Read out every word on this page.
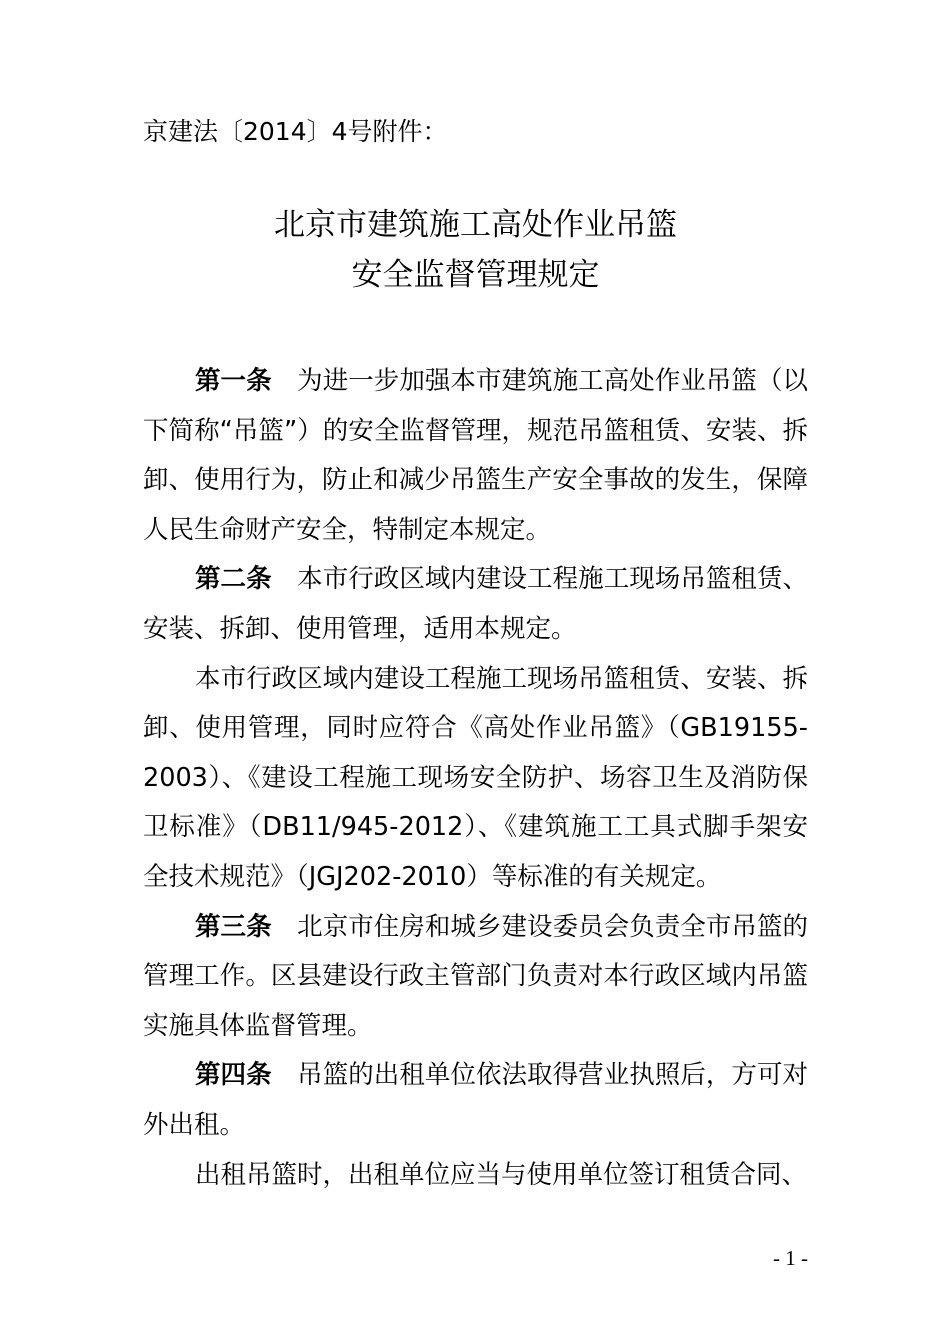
京建法〔2014〕4号附件：
北京市建筑施工高处作业吊篮
安全监督管理规定

第一条  为进一步加强本市建筑施工高处作业吊篮（以下简称“吊篮”）的安全监督管理，规范吊篮租赁、安装、拆卸、使用行为，防止和减少吊篮生产安全事故的发生，保障人民生命财产安全，特制定本规定。

第二条  本市行政区域内建设工程施工现场吊篮租赁、安装、拆卸、使用管理，适用本规定。

本市行政区域内建设工程施工现场吊篮租赁、安装、拆卸、使用管理，同时应符合《高处作业吊篮》（GB19155-2003）、《建设工程施工现场安全防护、场容卫生及消防保卫标准》（DB11/945-2012）、《建筑施工工具式脚手架安全技术规范》（JGJ202-2010）等标准的有关规定。

第三条  北京市住房和城乡建设委员会负责全市吊篮的管理工作。区县建设行政主管部门负责对本行政区域内吊篮实施具体监督管理。

第四条  吊篮的出租单位依法取得营业执照后，方可对外出租。

出租吊篮时，出租单位应当与使用单位签订租赁合同、

- 1 -
